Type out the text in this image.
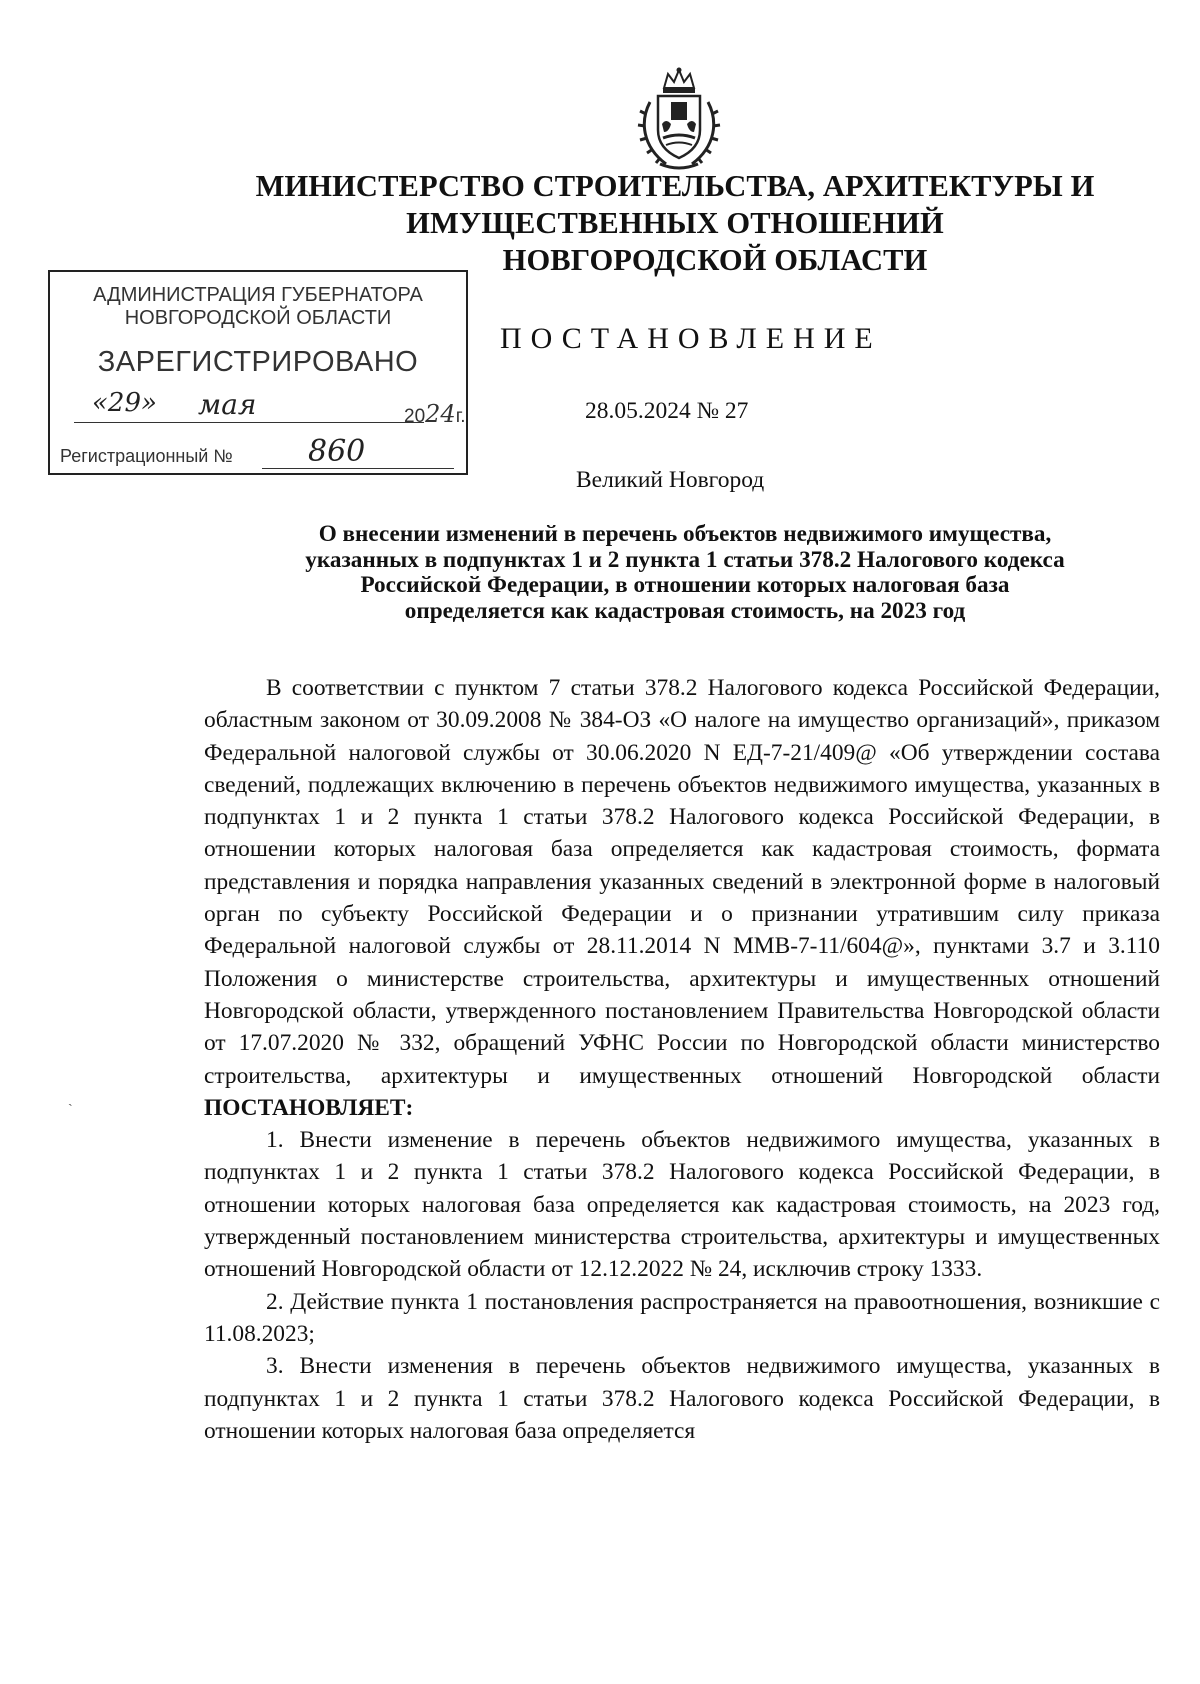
МИНИСТЕРСТВО СТРОИТЕЛЬСТВА, АРХИТЕКТУРЫ И
ИМУЩЕСТВЕННЫХ ОТНОШЕНИЙ
НОВГОРОДСКОЙ ОБЛАСТИ
АДМИНИСТРАЦИЯ ГУБЕРНАТОРА
НОВГОРОДСКОЙ ОБЛАСТИ
ЗАРЕГИСТРИРОВАНО
«29» мая	2024г.
Регистрационный №	860
ПОСТАНОВЛЕНИЕ
28.05.2024 № 27
Великий Новгород
О внесении изменений в перечень объектов недвижимого имущества,
указанных в подпунктах 1 и 2 пункта 1 статьи 378.2 Налогового кодекса
Российской Федерации, в отношении которых налоговая база
определяется как кадастровая стоимость, на 2023 год

В соответствии с пунктом 7 статьи 378.2 Налогового кодекса Российской Федерации, областным законом от 30.09.2008 № 384-ОЗ «О налоге на имущество организаций», приказом Федеральной налоговой службы от 30.06.2020 N ЕД-7-21/409@ «Об утверждении состава сведений, подлежащих включению в перечень объектов недвижимого имущества, указанных в подпунктах 1 и 2 пункта 1 статьи 378.2 Налогового кодекса Российской Федерации, в отношении которых налоговая база определяется как кадастровая стоимость, формата представления и порядка направления указанных сведений в электронной форме в налоговый орган по субъекту Российской Федерации и о признании утратившим силу приказа Федеральной налоговой службы от 28.11.2014 N ММВ-7-11/604@», пунктами 3.7 и 3.110 Положения о министерстве строительства, архитектуры и имущественных отношений Новгородской области, утвержденного постановлением Правительства Новгородской области от 17.07.2020 № 332, обращений УФНС России по Новгородской области министерство строительства, архитектуры и имущественных отношений Новгородской области ПОСТАНОВЛЯЕТ:

1. Внести изменение в перечень объектов недвижимого имущества, указанных в подпунктах 1 и 2 пункта 1 статьи 378.2 Налогового кодекса Российской Федерации, в отношении которых налоговая база определяется как кадастровая стоимость, на 2023 год, утвержденный постановлением министерства строительства, архитектуры и имущественных отношений Новгородской области от 12.12.2022 № 24, исключив строку 1333.

2. Действие пункта 1 постановления распространяется на правоотношения, возникшие с 11.08.2023;

3. Внести изменения в перечень объектов недвижимого имущества, указанных в подпунктах 1 и 2 пункта 1 статьи 378.2 Налогового кодекса Российской Федерации, в отношении которых налоговая база определяется

ˎ
